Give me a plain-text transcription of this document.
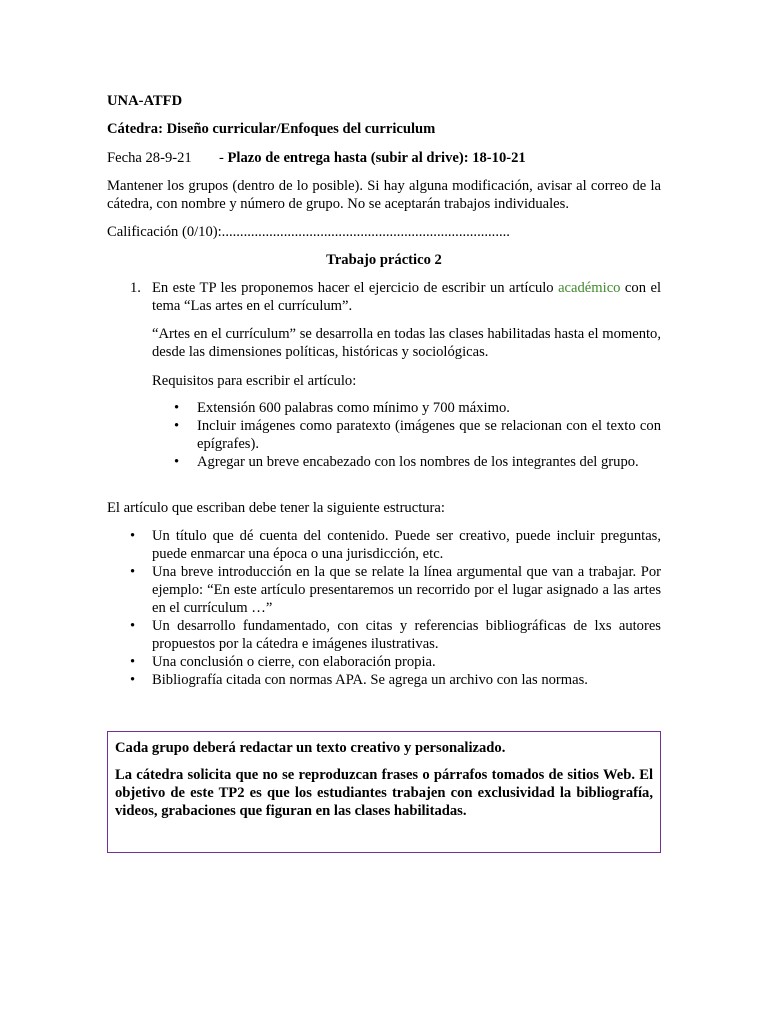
UNA-ATFD

Cátedra: Diseño curricular/Enfoques del curriculum

Fecha 28-9-21 - Plazo de entrega hasta (subir al drive): 18-10-21

Mantener los grupos (dentro de lo posible). Si hay alguna modificación, avisar al correo de la cátedra, con nombre y número de grupo. No se aceptarán trabajos individuales.

Calificación (0/10):...............................................................................

Trabajo práctico 2

1. En este TP les proponemos hacer el ejercicio de escribir un artículo académico con el tema “Las artes en el currículum”.

“Artes en el currículum” se desarrolla en todas las clases habilitadas hasta el momento, desde las dimensiones políticas, históricas y sociológicas.

Requisitos para escribir el artículo:

• Extensión 600 palabras como mínimo y 700 máximo.
• Incluir imágenes como paratexto (imágenes que se relacionan con el texto con epígrafes).
• Agregar un breve encabezado con los nombres de los integrantes del grupo.

El artículo que escriban debe tener la siguiente estructura:

• Un título que dé cuenta del contenido. Puede ser creativo, puede incluir preguntas, puede enmarcar una época o una jurisdicción, etc.
• Una breve introducción en la que se relate la línea argumental que van a trabajar. Por ejemplo: “En este artículo presentaremos un recorrido por el lugar asignado a las artes en el currículum …”
• Un desarrollo fundamentado, con citas y referencias bibliográficas de lxs autores propuestos por la cátedra e imágenes ilustrativas.
• Una conclusión o cierre, con elaboración propia.
• Bibliografía citada con normas APA. Se agrega un archivo con las normas.

Cada grupo deberá redactar un texto creativo y personalizado.

La cátedra solicita que no se reproduzcan frases o párrafos tomados de sitios Web. El objetivo de este TP2 es que los estudiantes trabajen con exclusividad la bibliografía, videos, grabaciones que figuran en las clases habilitadas.
